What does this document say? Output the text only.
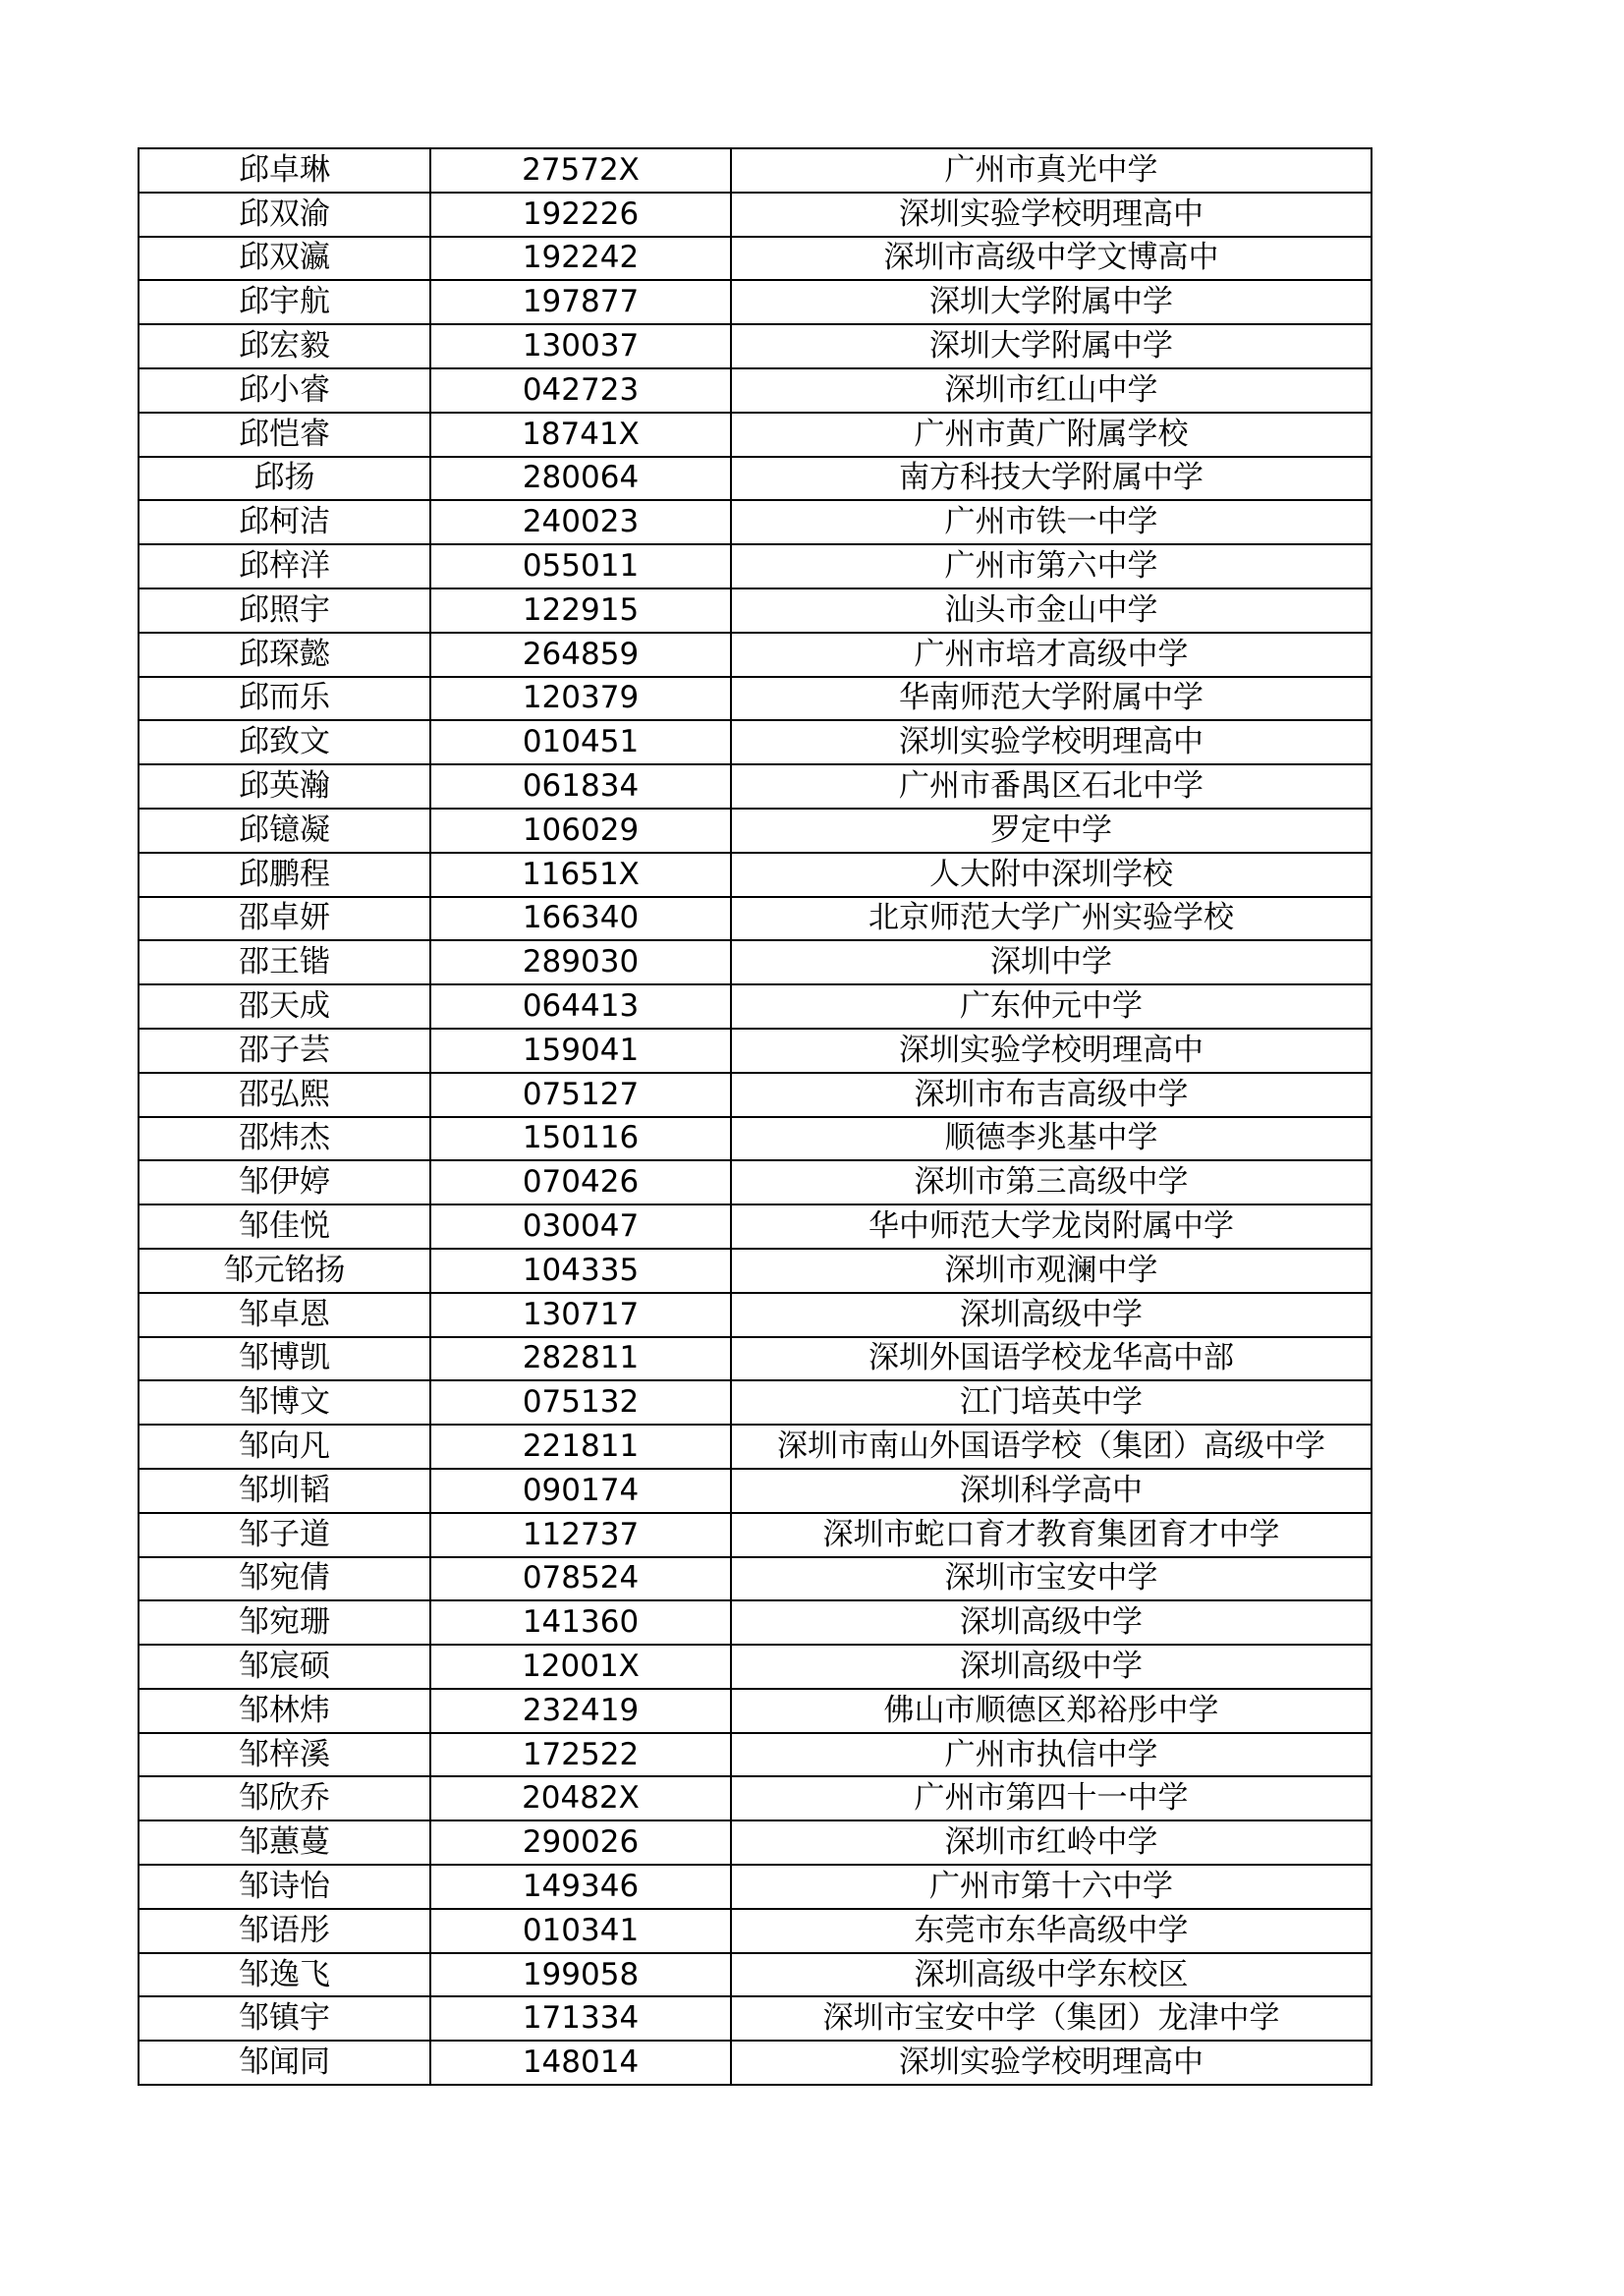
邱卓琳	27572X	广州市真光中学
邱双渝	192226	深圳实验学校明理高中
邱双瀛	192242	深圳市高级中学文博高中
邱宇航	197877	深圳大学附属中学
邱宏毅	130037	深圳大学附属中学
邱小睿	042723	深圳市红山中学
邱恺睿	18741X	广州市黄广附属学校
邱扬	280064	南方科技大学附属中学
邱柯洁	240023	广州市铁一中学
邱梓洋	055011	广州市第六中学
邱照宇	122915	汕头市金山中学
邱琛懿	264859	广州市培才高级中学
邱而乐	120379	华南师范大学附属中学
邱致文	010451	深圳实验学校明理高中
邱英瀚	061834	广州市番禺区石北中学
邱镱凝	106029	罗定中学
邱鹏程	11651X	人大附中深圳学校
邵卓妍	166340	北京师范大学广州实验学校
邵王锴	289030	深圳中学
邵天成	064413	广东仲元中学
邵子芸	159041	深圳实验学校明理高中
邵弘熙	075127	深圳市布吉高级中学
邵炜杰	150116	顺德李兆基中学
邹伊婷	070426	深圳市第三高级中学
邹佳悦	030047	华中师范大学龙岗附属中学
邹元铭扬	104335	深圳市观澜中学
邹卓恩	130717	深圳高级中学
邹博凯	282811	深圳外国语学校龙华高中部
邹博文	075132	江门培英中学
邹向凡	221811	深圳市南山外国语学校（集团）高级中学
邹圳韬	090174	深圳科学高中
邹子道	112737	深圳市蛇口育才教育集团育才中学
邹宛倩	078524	深圳市宝安中学
邹宛珊	141360	深圳高级中学
邹宸硕	12001X	深圳高级中学
邹林炜	232419	佛山市顺德区郑裕彤中学
邹梓溪	172522	广州市执信中学
邹欣乔	20482X	广州市第四十一中学
邹蕙蔓	290026	深圳市红岭中学
邹诗怡	149346	广州市第十六中学
邹语彤	010341	东莞市东华高级中学
邹逸飞	199058	深圳高级中学东校区
邹镇宇	171334	深圳市宝安中学（集团）龙津中学
邹闻同	148014	深圳实验学校明理高中
